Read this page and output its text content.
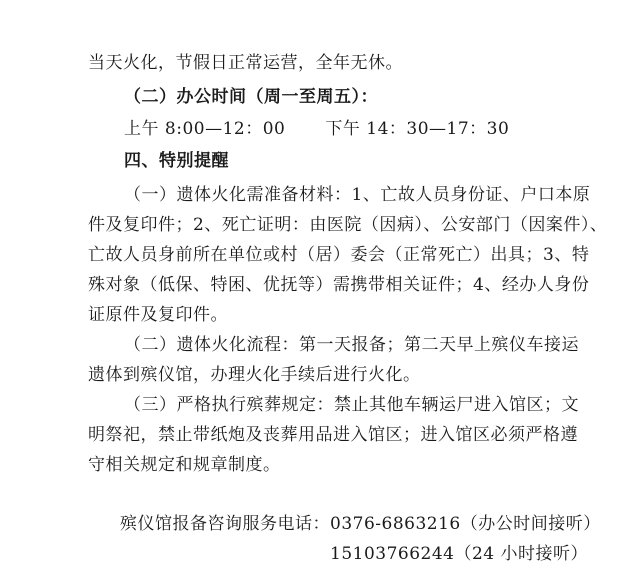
当天火化，节假日正常运营，全年无休。
（二）办公时间（周一至周五）：
上午 8:00—12：00 下午 14：30—17：30
四、特别提醒
（一）遗体火化需准备材料：1、亡故人员身份证、户口本原
件及复印件；2、死亡证明：由医院（因病）、公安部门（因案件）、
亡故人员身前所在单位或村（居）委会（正常死亡）出具；3、特
殊对象（低保、特困、优抚等）需携带相关证件；4、经办人身份
证原件及复印件。
（二）遗体火化流程：第一天报备；第二天早上殡仪车接运
遗体到殡仪馆，办理火化手续后进行火化。
（三）严格执行殡葬规定：禁止其他车辆运尸进入馆区；文
明祭祀，禁止带纸炮及丧葬用品进入馆区；进入馆区必须严格遵
守相关规定和规章制度。
殡仪馆报备咨询服务电话：0376-6863216（办公时间接听）
15103766244（24 小时接听）
